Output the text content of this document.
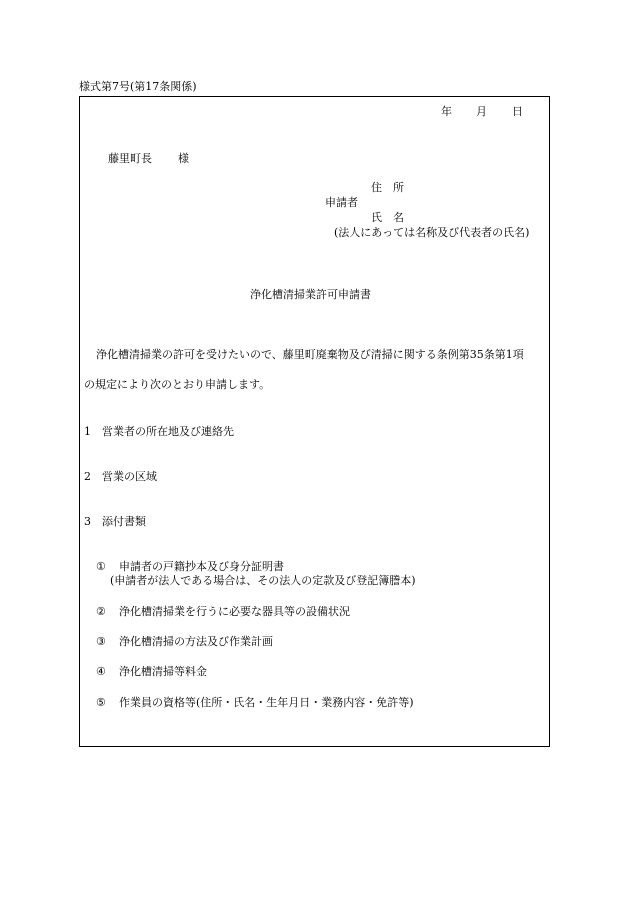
様式第7号(第17条関係)
年 月 日
藤里町長 様
住　所
申請者
氏　名
(法人にあっては名称及び代表者の氏名)
浄化槽清掃業許可申請書
浄化槽清掃業の許可を受けたいので、藤里町廃棄物及び清掃に関する条例第35条第1項
の規定により次のとおり申請します。
1 営業者の所在地及び連絡先
2 営業の区域
3 添付書類
① 申請者の戸籍抄本及び身分証明書
(申請者が法人である場合は、その法人の定款及び登記簿謄本)
② 浄化槽清掃業を行うに必要な器具等の設備状況
③ 浄化槽清掃の方法及び作業計画
④ 浄化槽清掃等料金
⑤ 作業員の資格等(住所・氏名・生年月日・業務内容・免許等)
